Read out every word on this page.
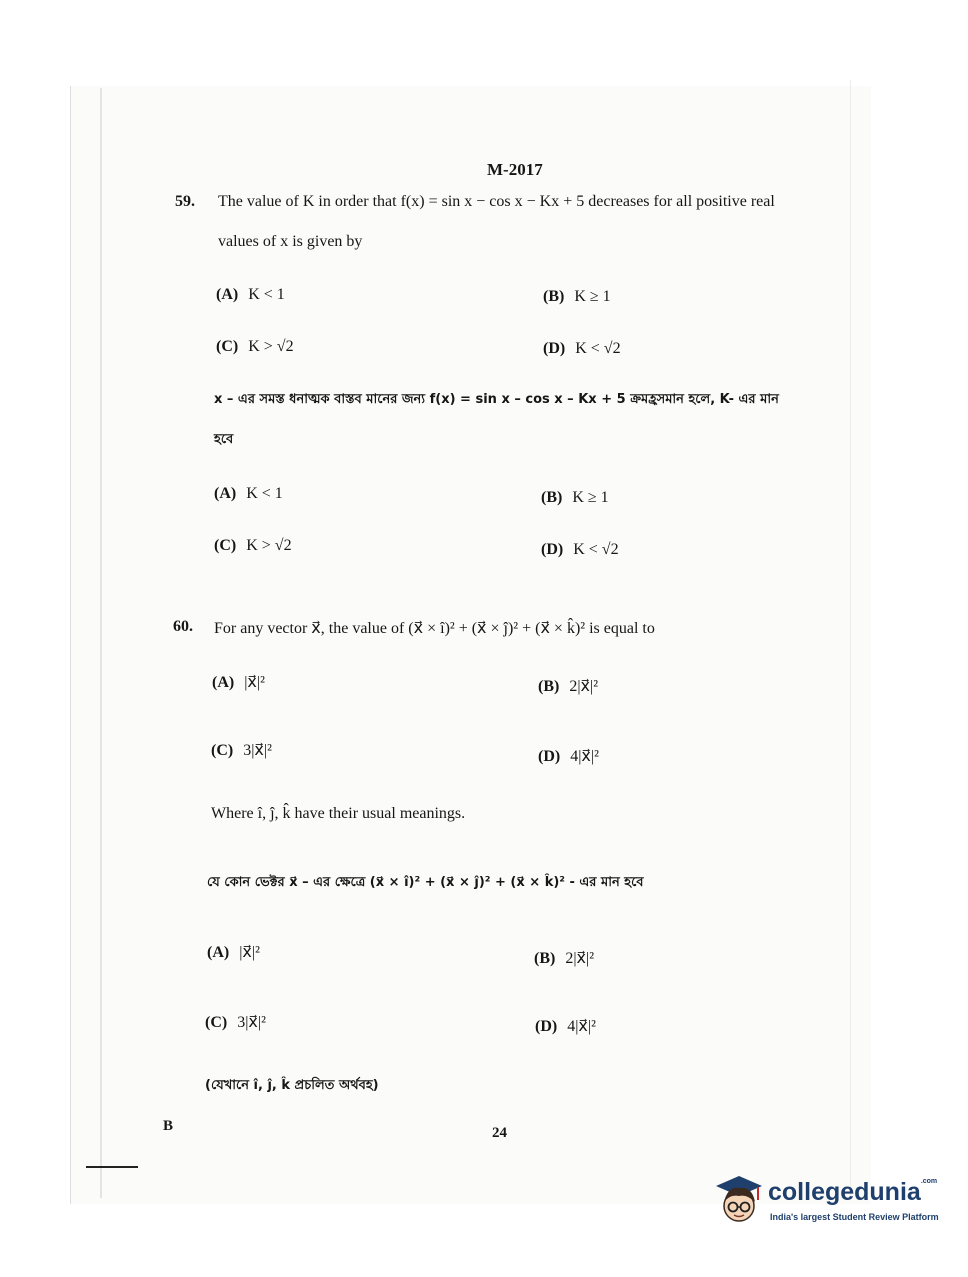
M-2017
59. The value of K in order that f(x) = sin x − cos x − Kx + 5 decreases for all positive real
values of x is given by
(A) K < 1	(B) K ≥ 1
(C) K > √2	(D) K < √2
x – এর সমস্ত ধনাত্মক বাস্তব মানের জন্য f(x) = sin x – cos x – Kx + 5 ক্রমহ্রসমান হলে, K- এর মান
হবে
(A) K < 1	(B) K ≥ 1
(C) K > √2	(D) K < √2
60. For any vector x⃗, the value of (x⃗ × î)² + (x⃗ × ĵ)² + (x⃗ × k̂)² is equal to
(A) |x⃗|²	(B) 2|x⃗|²
(C) 3|x⃗|²	(D) 4|x⃗|²
Where î, ĵ, k̂ have their usual meanings.
যে কোন ভেক্টর x⃗ – এর ক্ষেত্রে (x⃗ × î)² + (x⃗ × ĵ)² + (x⃗ × k̂)² - এর মান হবে
(A) |x⃗|²	(B) 2|x⃗|²
(C) 3|x⃗|²	(D) 4|x⃗|²
(যেখানে î, ĵ, k̂ প্রচলিত অর্থবহ)
B	24
collegedunia$^{.com}$
India's largest Student Review Platform
